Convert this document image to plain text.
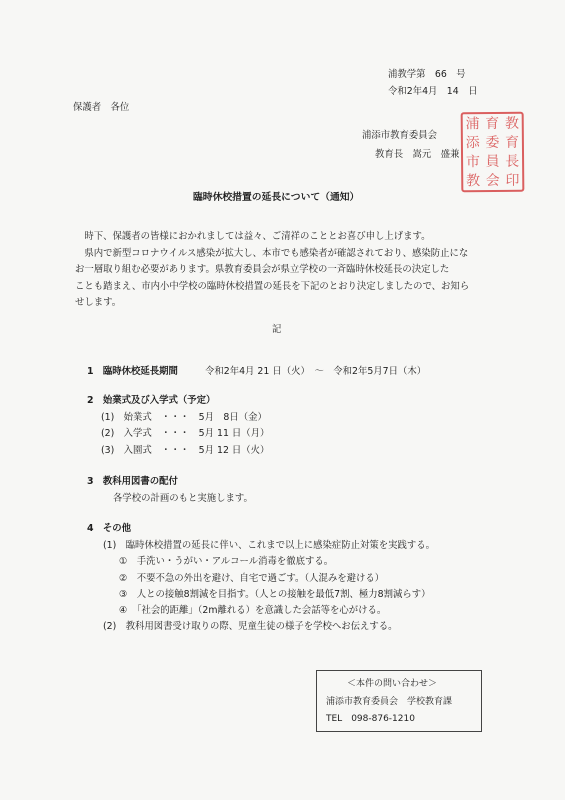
浦教学第　66　号
令和2年4月　14　日
保護者　各位
浦添市教育委員会
教育長　嵩元　盛兼
浦
添
市
教
育
委
員
会
教
育
長
印
臨時休校措置の延長について（通知）

　時下、保護者の皆様におかれましては益々、ご清祥のこととお喜び申し上げます。

　県内で新型コロナウイルス感染が拡大し、本市でも感染者が確認されており、感染防止にな

お一層取り組む必要があります。県教育委員会が県立学校の一斉臨時休校延長の決定した

ことも踏まえ、市内小中学校の臨時休校措置の延長を下記のとおり決定しましたので、お知ら

せします。

記
1　臨時休校延長期間	令和2年4月 21 日（火）　～　令和2年5月7日（木）
2　始業式及び入学式（予定）
(1)　始業式　・・・　5月　8日（金）
(2)　入学式　・・・　5月 11 日（月）
(3)　入園式　・・・　5月 12 日（火）
3　教科用図書の配付
各学校の計画のもと実施します。
4　その他
(1)　臨時休校措置の延長に伴い、これまで以上に感染症防止対策を実践する。
①　手洗い・うがい・アルコール消毒を徹底する。
②　不要不急の外出を避け、自宅で過ごす。（人混みを避ける）
③　人との接触8割減を目指す。（人との接触を最低7割、極力8割減らす）
④　「社会的距離」（2m離れる）を意識した会話等を心がける。
(2)　教科用図書受け取りの際、児童生徒の様子を学校へお伝えする。
＜本件の問い合わせ＞
浦添市教育委員会　学校教育課
TEL　098-876-1210
